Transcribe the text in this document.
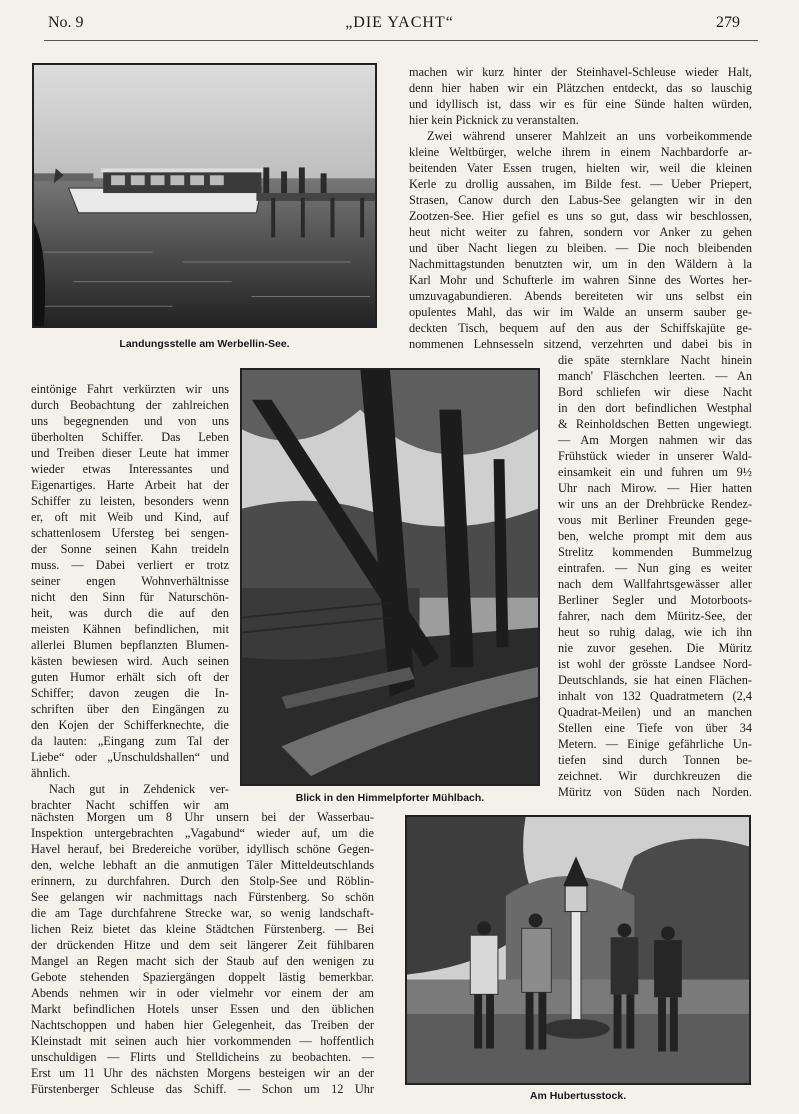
No. 9	„DIE YACHT“	279
Landungsstelle am Werbellin-See.
Blick in den Himmelpforter Mühlbach.
Am Hubertusstock.
machen wir kurz hinter der Steinhavel-Schleuse wieder Halt,
denn hier haben wir ein Plätzchen entdeckt, das so lauschig
und idyllisch ist, dass wir es für eine Sünde halten würden,
hier kein Picknick zu veranstalten.
Zwei während unserer Mahlzeit an uns vorbeikommende
kleine Weltbürger, welche ihrem in einem Nachbardorfe ar-
beitenden Vater Essen trugen, hielten wir, weil die kleinen
Kerle zu drollig aussahen, im Bilde fest. — Ueber Priepert,
Strasen, Canow durch den Labus-See gelangten wir in den
Zootzen-See. Hier gefiel es uns so gut, dass wir beschlossen,
heut nicht weiter zu fahren, sondern vor Anker zu gehen
und über Nacht liegen zu bleiben. — Die noch bleibenden
Nachmittagstunden benutzten wir, um in den Wäldern à la
Karl Mohr und Schufterle im wahren Sinne des Wortes her-
umzuvagabundieren. Abends bereiteten wir uns selbst ein
opulentes Mahl, das wir im Walde an unserm sauber ge-
deckten Tisch, bequem auf den aus der Schiffskajüte ge-
nommenen Lehnsesseln sitzend, verzehrten und dabei bis in
die späte sternklare Nacht hinein
manch' Fläschchen leerten. — An
Bord schliefen wir diese Nacht
in den dort befindlichen Westphal
& Reinholdschen Betten ungewiegt.
— Am Morgen nahmen wir das
Frühstück wieder in unserer Wald-
einsamkeit ein und fuhren um 9½
Uhr nach Mirow. — Hier hatten
wir uns an der Drehbrücke Rendez-
vous mit Berliner Freunden gege-
ben, welche prompt mit dem aus
Strelitz kommenden Bummelzug
eintrafen. — Nun ging es weiter
nach dem Wallfahrtsgewässer aller
Berliner Segler und Motorboots-
fahrer, nach dem Müritz-See, der
heut so ruhig dalag, wie ich ihn
nie zuvor gesehen. Die Müritz
ist wohl der grösste Landsee Nord-
Deutschlands, sie hat einen Flächen-
inhalt von 132 Quadratmetern (2,4
Quadrat-Meilen) und an manchen
Stellen eine Tiefe von über 34
Metern. — Einige gefährliche Un-
tiefen sind durch Tonnen be-
zeichnet. Wir durchkreuzen die
Müritz von Süden nach Norden.
eintönige Fahrt verkürzten wir uns
durch Beobachtung der zahlreichen
uns begegnenden und von uns
überholten Schiffer. Das Leben
und Treiben dieser Leute hat immer
wieder etwas Interessantes und
Eigenartiges. Harte Arbeit hat der
Schiffer zu leisten, besonders wenn
er, oft mit Weib und Kind, auf
schattenlosem Ufersteg bei sengen-
der Sonne seinen Kahn treideln
muss. — Dabei verliert er trotz
seiner engen Wohnverhältnisse
nicht den Sinn für Naturschön-
heit, was durch die auf den
meisten Kähnen befindlichen, mit
allerlei Blumen bepflanzten Blumen-
kästen bewiesen wird. Auch seinen
guten Humor erhält sich oft der
Schiffer; davon zeugen die In-
schriften über den Eingängen zu
den Kojen der Schifferknechte, die
da lauten: „Eingang zum Tal der
Liebe“ oder „Unschuldshallen“ und
ähnlich.
Nach gut in Zehdenick ver-
brachter Nacht schiffen wir am
nächsten Morgen um 8 Uhr unsern bei der Wasserbau-
Inspektion untergebrachten „Vagabund“ wieder auf, um die
Havel herauf, bei Bredereiche vorüber, idyllisch schöne Gegen-
den, welche lebhaft an die anmutigen Täler Mitteldeutschlands
erinnern, zu durchfahren. Durch den Stolp-See und Röblin-
See gelangen wir nachmittags nach Fürstenberg. So schön
die am Tage durchfahrene Strecke war, so wenig landschaft-
lichen Reiz bietet das kleine Städtchen Fürstenberg. — Bei
der drückenden Hitze und dem seit längerer Zeit fühlbaren
Mangel an Regen macht sich der Staub auf den wenigen zu
Gebote stehenden Spaziergängen doppelt lästig bemerkbar.
Abends nehmen wir in oder vielmehr vor einem der am
Markt befindlichen Hotels unser Essen und den üblichen
Nachtschoppen und haben hier Gelegenheit, das Treiben der
Kleinstadt mit seinen auch hier vorkommenden — hoffentlich
unschuldigen — Flirts und Stelldicheins zu beobachten. —
Erst um 11 Uhr des nächsten Morgens besteigen wir an der
Fürstenberger Schleuse das Schiff. — Schon um 12 Uhr
